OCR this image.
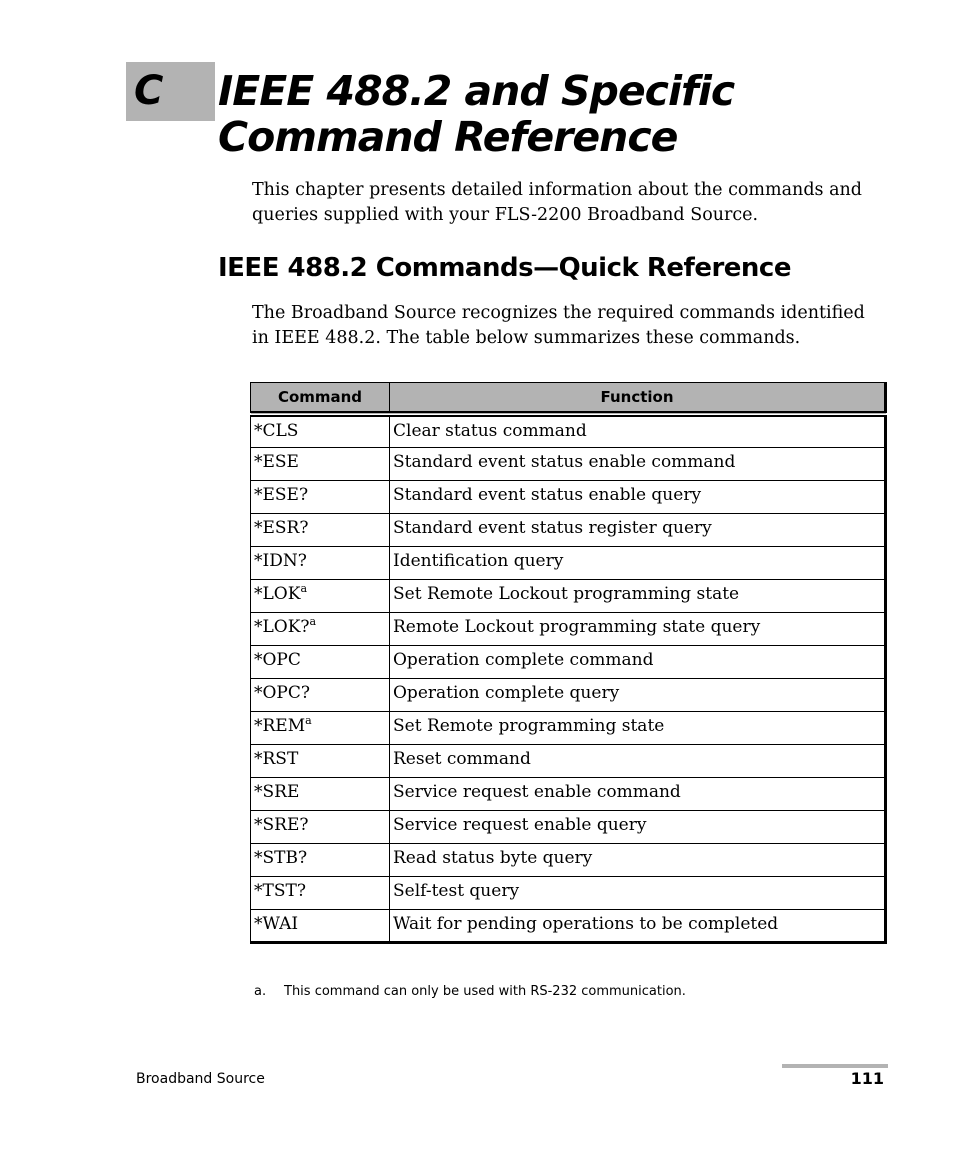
C IEEE 488.2 and Specific
Command Reference

This chapter presents detailed information about the commands and queries supplied with your FLS-2200 Broadband Source.

IEEE 488.2 Commands—Quick Reference

The Broadband Source recognizes the required commands identified in IEEE 488.2. The table below summarizes these commands.

Command	Function
*CLS	Clear status command
*ESE	Standard event status enable command
*ESE?	Standard event status enable query
*ESR?	Standard event status register query
*IDN?	Identification query
*LOK$^a$	Set Remote Lockout programming state
*LOK?$^a$	Remote Lockout programming state query
*OPC	Operation complete command
*OPC?	Operation complete query
*REM$^a$	Set Remote programming state
*RST	Reset command
*SRE	Service request enable command
*SRE?	Service request enable query
*STB?	Read status byte query
*TST?	Self-test query
*WAI	Wait for pending operations to be completed

a. This command can only be used with RS-232 communication.

Broadband Source	111
